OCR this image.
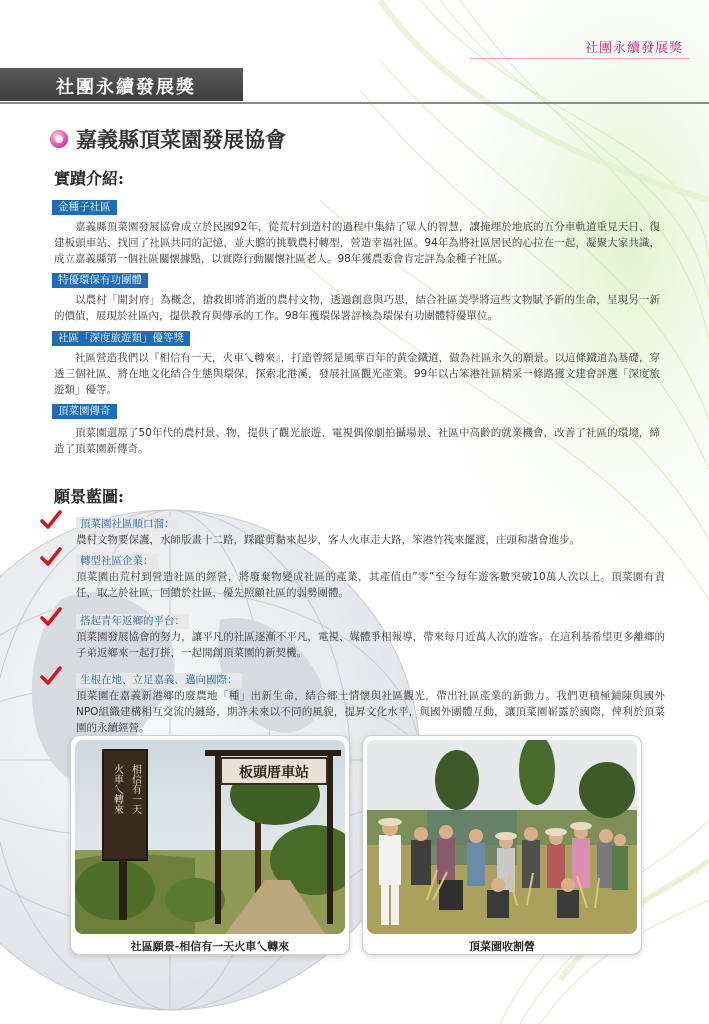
社團永續發展獎
社團永續發展獎
嘉義縣頂菜園發展協會
實蹟介紹:
金種子社區
嘉義縣頂菜園發展協會成立於民國92年，從荒村到造村的過程中集結了眾人的智慧，讓掩埋於地底的五分車軌道重見天日、復建板頭車站、找回了社區共同的記憶，並大膽的挑戰農村轉型，營造幸福社區。94年為將社區居民的心拉在一起，凝聚大家共識，成立嘉義縣第一個社區關懷據點，以實際行動關懷社區老人。98年獲農委會肯定評為金種子社區。
特優環保有功團體
以農村「開封府」為概念，搶救即將消逝的農村文物，透過創意與巧思，結合社區美學將這些文物賦予新的生命，呈現另一新的價值，展現於社區內，提供教育與傳承的工作。98年獲環保署評核為環保有功團體特優單位。
社區「深度旅遊類」優等獎
社區營造我們以『相信有一天，火車乀轉來』，打造曾經是風華百年的黃金鐵道，做為社區永久的願景。以這條鐵道為基礎，穿透三個社區、將在地文化結合生態與環保，探索北港溪，發展社區觀光產業。99年以古笨港社區精采一條路獲文建會評選「深度旅遊類」優等。
頂菜園傳奇
頂菜園還原了50年代的農村景、物，提供了觀光旅遊、電視偶像劇拍攝場景、社區中高齡的就業機會，改善了社區的環境，締造了頂菜園新傳奇。
願景藍圖:
頂菜園社區順口溜：
農村文物要保護，水師版畫十二路，踩蹤剪黏來起步，客人火車走大路，笨港竹筏來擺渡，庄頭和諧會進步。
轉型社區企業：
頂菜園由荒村到營造社區的經營，將廢棄物變成社區的產業，其產值由”零”至今每年遊客數突破10萬人次以上。頂菜園有責任，取之於社區，回饋於社區，優先照顧社區的弱勢團體。
搭起青年返鄉的平台：
頂菜園發展協會的努力，讓平凡的社區逐漸不平凡，電視、媒體爭相報導，帶來每月近萬人次的遊客。在這利基希望更多離鄉的子弟返鄉來一起打拼，一起開創頂菜園的新契機。
生根在地、立足嘉義、邁向國際：
頂菜園在嘉義新港鄉的廢農地「種」出新生命，結合鄉土情懷與社區觀光，帶出社區產業的新動力。我們更積極鋪陳與國外NPO組織建構相互交流的鏈絡，期許未來以不同的風貌，提昇文化水平，與國外團體互動，讓頂菜園嶄露於國際，俾利於頂菜園的永續經營。
相信有一天
火車乀轉來	板頭厝車站
社區願景-相信有一天火車乀轉來	頂菜園收割營
